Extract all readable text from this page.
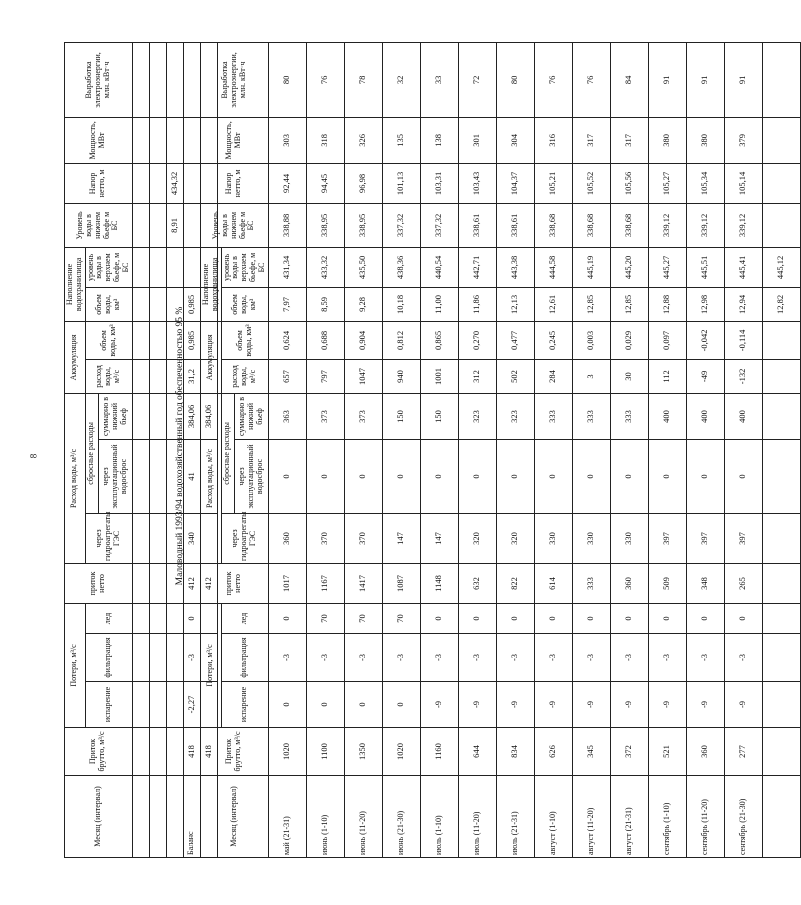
8	Маловодный 1993/94 водохозяйственный год обеспеченностью 95 %
Месяц (интервал)	Приток брутто, м³/с	Потери, м³/с			приток нетто	Расход воды, м³/с			Аккумуляция		Наполнение водохранилища		Уровень воды в нижнем бьефе м БС	Напор нетто, м	Мощность, МВт	Выработка электроэнергии, млн. кВт·ч
		испарение	фильтрация	лед		через гидроагрегаты ГЭС	сбросные расходы		расход воды, м³/с	объем воды, км³	объем воды, км³	уровень воды в верхнем бьефе, м БС				
							через эксплуатационный водосброс	суммарно в нижний бьеф								

													8,91	434,32		
Баланс	418	-2,27	-3	0	412	340	41	384,06	31,2	0,985	0,985					
	418				412			384,06								
Месяц (интервал)	Приток брутто, м³/с	Потери, м³/с			приток нетто	Расход воды, м³/с			Аккумуляция		Наполнение водохранилища		Уровень воды в нижнем бьефе м БС	Напор нетто, м	Мощность, МВт	Выработка электроэнергии, млн. кВт·ч
		испарение	фильтрация	лед		через гидроагрегаты ГЭС	сбросные расходы		расход воды, м³/с	объем воды, км³	объем воды, км³	уровень воды в верхнем бьефе, м БС				
							через эксплуатационный водосброс	суммарно в нижний бьеф								
май (21-31)	1020	0	-3	0	1017	360	0	363	657	0,624	7,97	431,34	338,88	92,44	303	80
июнь (1-10)	1100	0	-3	70	1167	370	0	373	797	0,688	8,59	433,32	338,95	94,45	318	76
июнь (11-20)	1350	0	-3	70	1417	370	0	373	1047	0,904	9,28	435,50	338,95	96,98	326	78
июнь (21-30)	1020	0	-3	70	1087	147	0	150	940	0,812	10,18	438,36	337,32	101,13	135	32
июль (1-10)	1160	-9	-3	0	1148	147	0	150	1001	0,865	11,00	440,54	337,32	103,31	138	33
июль (11-20)	644	-9	-3	0	632	320	0	323	312	0,270	11,86	442,71	338,61	103,43	301	72
июль (21-31)	834	-9	-3	0	822	320	0	323	502	0,477	12,13	443,38	338,61	104,37	304	80
август (1-10)	626	-9	-3	0	614	330	0	333	284	0,245	12,61	444,58	338,68	105,21	316	76
август (11-20)	345	-9	-3	0	333	330	0	333	3	0,003	12,85	445,19	338,68	105,52	317	76
август (21-31)	372	-9	-3	0	360	330	0	333	30	0,029	12,85	445,20	338,68	105,56	317	84
сентябрь (1-10)	521	-9	-3	0	509	397	0	400	112	0,097	12,88	445,27	339,12	105,27	380	91
сентябрь (11-20)	360	-9	-3	0	348	397	0	400	-49	-0,042	12,98	445,51	339,12	105,34	380	91
сентябрь (21-30)	277	-9	-3	0	265	397	0	400	-132	-0,114	12,94	445,41	339,12	105,14	379	91
											12,82	445,12				
